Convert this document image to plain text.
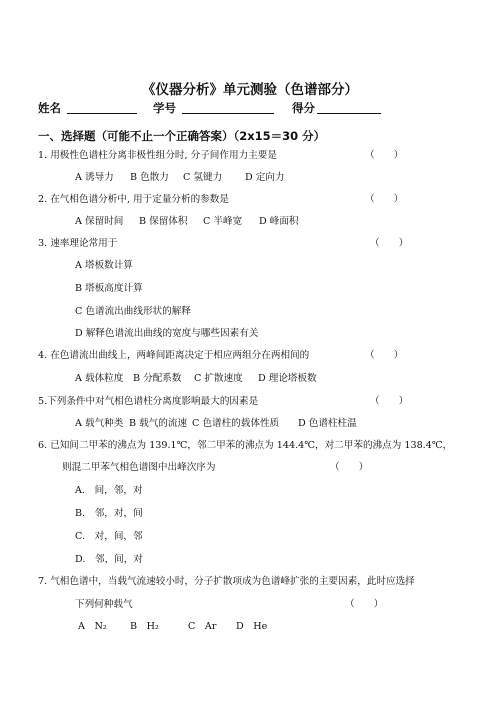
《仪器分析》单元测验（色谱部分）
姓名	学号	得分
一、选择题（可能不止一个正确答案）（2x15＝30 分）
1. 用极性色谱柱分离非极性组分时, 分子间作用力主要是	（　　）
A 诱导力 B 色散力 C 氢键力 D 定向力
2. 在气相色谱分析中, 用于定量分析的参数是	（　　）
A 保留时间 B 保留体积 C 半峰宽 D 峰面积
3. 速率理论常用于	（　　）
A 塔板数计算
B 塔板高度计算
C 色谱流出曲线形状的解释
D 解释色谱流出曲线的宽度与哪些因素有关
4. 在色谱流出曲线上，两峰间距离决定于相应两组分在两相间的	（　　）
A 载体粒度 B 分配系数 C 扩散速度 D 理论塔板数
5.下列条件中对气相色谱柱分离度影响最大的因素是	（　　）
A 载气种类 B 载气的流速 C 色谱柱的载体性质 D 色谱柱柱温
6. 已知间二甲苯的沸点为 139.1℃，邻二甲苯的沸点为 144.4℃，对二甲苯的沸点为 138.4℃，
则混二甲苯气相色谱图中出峰次序为	（　　）
A.　间，邻，对
B.　邻，对，间
C.　对，间，邻
D.　邻，间，对
7. 气相色谱中，当载气流速较小时，分子扩散项成为色谱峰扩张的主要因素，此时应选择
下列何种载气	（　　）
A　N₂ B　H₂	C　Ar D　He
